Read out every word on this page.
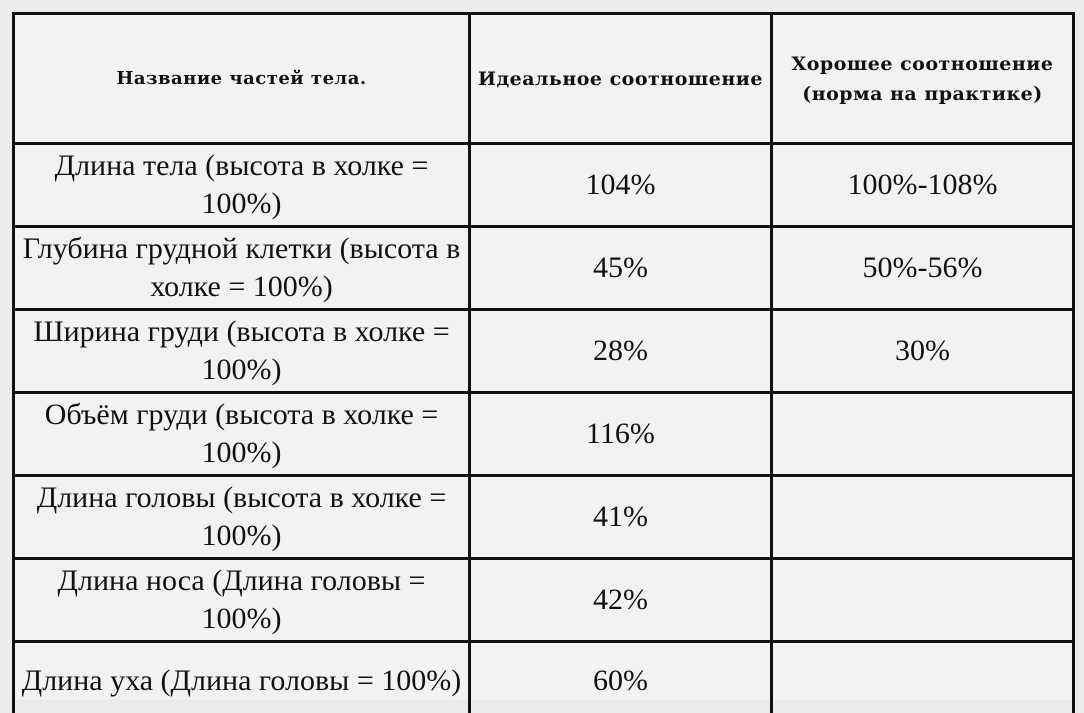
Название частей тела.	Идеальное соотношение	Хорошее соотношение (норма на практике)
Длина тела (высота в холке = 100%)	104%	100%-108%
Глубина грудной клетки (высота в холке = 100%)	45%	50%-56%
Ширина груди (высота в холке = 100%)	28%	30%
Объём груди (высота в холке = 100%)	116%	
Длина головы (высота в холке = 100%)	41%	
Длина носа (Длина головы = 100%)	42%	
Длина уха (Длина головы = 100%)	60%	
